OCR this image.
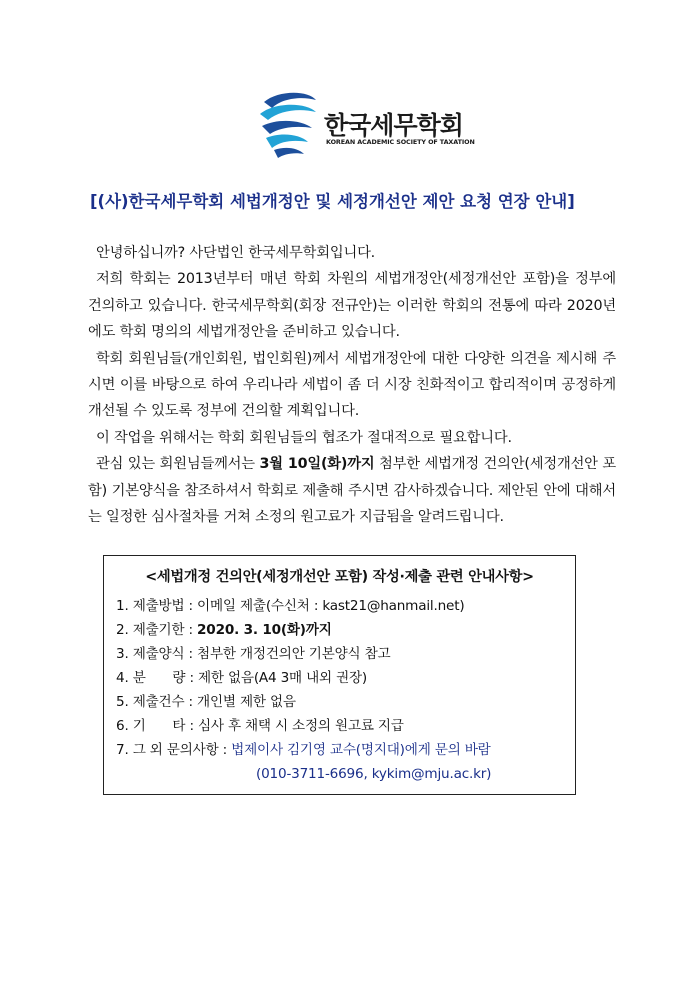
한국세무학회
KOREAN ACADEMIC SOCIETY OF TAXATION
[(사)한국세무학회 세법개정안 및 세정개선안 제안 요청 연장 안내]

안녕하십니까? 사단법인 한국세무학회입니다.

저희 학회는 2013년부터 매년 학회 차원의 세법개정안(세정개선안 포함)을 정부에 건의하고 있습니다. 한국세무학회(회장 전규안)는 이러한 학회의 전통에 따라 2020년에도 학회 명의의 세법개정안을 준비하고 있습니다.

학회 회원님들(개인회원, 법인회원)께서 세법개정안에 대한 다양한 의견을 제시해 주시면 이를 바탕으로 하여 우리나라 세법이 좀 더 시장 친화적이고 합리적이며 공정하게 개선될 수 있도록 정부에 건의할 계획입니다.

이 작업을 위해서는 학회 회원님들의 협조가 절대적으로 필요합니다.

관심 있는 회원님들께서는 3월 10일(화)까지 첨부한 세법개정 건의안(세정개선안 포함) 기본양식을 참조하셔서 학회로 제출해 주시면 감사하겠습니다. 제안된 안에 대해서는 일정한 심사절차를 거쳐 소정의 원고료가 지급됨을 알려드립니다.

<세법개정 건의안(세정개선안 포함) 작성·제출 관련 안내사항>
1. 제출방법 : 이메일 제출(수신처 : kast21@hanmail.net)
2. 제출기한 : 2020. 3. 10(화)까지
3. 제출양식 : 첨부한 개정건의안 기본양식 참고
4. 분　　량 : 제한 없음(A4 3매 내외 권장)
5. 제출건수 : 개인별 제한 없음
6. 기　　타 : 심사 후 채택 시 소정의 원고료 지급
7. 그 외 문의사항 : 법제이사 김기영 교수(명지대)에게 문의 바람
(010-3711-6696, kykim@mju.ac.kr)
